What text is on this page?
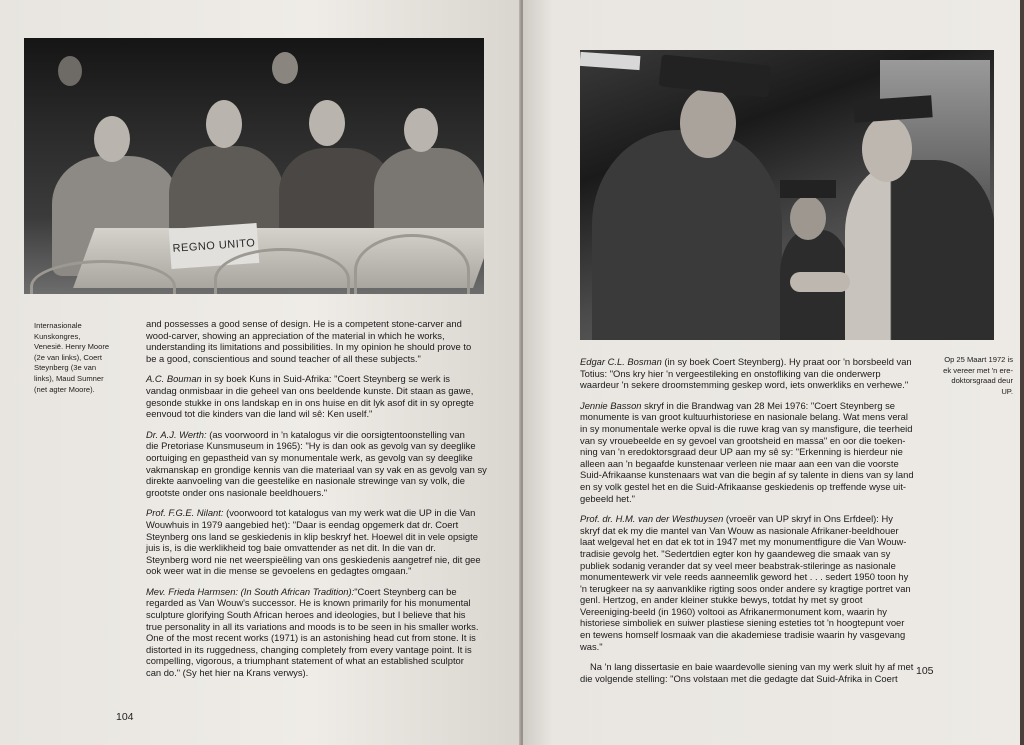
REGNO UNITO
Internasionale
Kunskongres,
Venesië. Henry Moore
(2e van links), Coert
Steynberg (3e van
links), Maud Sumner
(net agter Moore).

and possesses a good sense of design. He is a competent stone-carver and
wood-carver, showing an appreciation of the material in which he works,
understanding its limitations and possibilities. In my opinion he should prove to
be a good, conscientious and sound teacher of all these subjects."

A.C. Bouman in sy boek Kuns in Suid-Afrika: "Coert Steynberg se werk is
vandag onmisbaar in die geheel van ons beeldende kunste. Dit staan as gawe,
gesonde stukke in ons landskap en in ons huise en dit lyk asof dit in sy opregte
eenvoud tot die kinders van die land wil sê: Ken uself."

Dr. A.J. Werth: (as voorwoord in 'n katalogus vir die oorsigtentoonstelling van
die Pretoriase Kunsmuseum in 1965): "Hy is dan ook as gevolg van sy deeglike
oortuiging en gepastheid van sy monumentale werk, as gevolg van sy deeglike
vakmanskap en grondige kennis van die materiaal van sy vak en as gevolg van sy
direkte aanvoeling van die geestelike en nasionale strewinge van sy volk, die
grootste onder ons nasionale beeldhouers."

Prof. F.G.E. Nilant: (voorwoord tot katalogus van my werk wat die UP in die Van
Wouwhuis in 1979 aangebied het): "Daar is eendag opgemerk dat dr. Coert
Steynberg ons land se geskiedenis in klip beskryf het. Hoewel dit in vele opsigte
juis is, is die werklikheid tog baie omvattender as net dit. In die van dr.
Steynberg word nie net weerspieëling van ons geskiedenis aangetref nie, dit gee
ook weer wat in die mense se gevoelens en gedagtes omgaan."

Mev. Frieda Harmsen: (In South African Tradition):"Coert Steynberg can be
regarded as Van Wouw's successor. He is known primarily for his monumental
sculpture glorifying South African heroes and ideologies, but I believe that his
true personality in all its variations and moods is to be seen in his smaller works.
One of the most recent works (1971) is an astonishing head cut from stone. It is
distorted in its ruggedness, changing completely from every vantage point. It is
compelling, vigorous, a triumphant statement of what an established sculptor
can do." (Sy het hier na Krans verwys).

104

Edgar C.L. Bosman (in sy boek Coert Steynberg). Hy praat oor 'n borsbeeld van
Totius: "Ons kry hier 'n vergeestileking en onstofliking van die onderwerp
waardeur 'n sekere droomstemming geskep word, iets onwerkliks en verhewe."

Jennie Basson skryf in die Brandwag van 28 Mei 1976: "Coert Steynberg se
monumente is van groot kultuurhistoriese en nasionale belang. Wat mens veral
in sy monumentale werke opval is die ruwe krag van sy mansfigure, die teerheid
van sy vrouebeelde en sy gevoel van grootsheid en massa" en oor die toeken-
ning van 'n eredoktorsgraad deur UP aan my sê sy: "Erkenning is hierdeur nie
alleen aan 'n begaafde kunstenaar verleen nie maar aan een van die voorste
Suid-Afrikaanse kunstenaars wat van die begin af sy talente in diens van sy land
en sy volk gestel het en die Suid-Afrikaanse geskiedenis op treffende wyse uit-
gebeeld het."

Prof. dr. H.M. van der Westhuysen (vroeër van UP skryf in Ons Erfdeel): Hy
skryf dat ek my die mantel van Van Wouw as nasionale Afrikaner-beeldhouer
laat welgeval het en dat ek tot in 1947 met my monumentfigure die Van Wouw-
tradisie gevolg het. "Sedertdien egter kon hy gaandeweg die smaak van sy
publiek sodanig verander dat sy veel meer beabstrak-stileringe as nasionale
monumentewerk vir vele reeds aanneemlik geword het . . . sedert 1950 toon hy
'n terugkeer na sy aanvanklike rigting soos onder andere sy kragtige portret van
genl. Hertzog, en ander kleiner stukke bewys, totdat hy met sy groot
Vereeniging-beeld (in 1960) voltooi as Afrikanermonument kom, waarin hy
historiese simboliek en suiwer plastiese siening esteties tot 'n hoogtepunt voer
en tewens homself losmaak van die akademiese tradisie waarin hy vasgevang
was."

Na 'n lang dissertasie en baie waardevolle siening van my werk sluit hy af met
die volgende stelling: "Ons volstaan met die gedagte dat Suid-Afrika in Coert

Op 25 Maart 1972 is
ek vereer met 'n ere-
doktorsgraad deur
UP.
105
